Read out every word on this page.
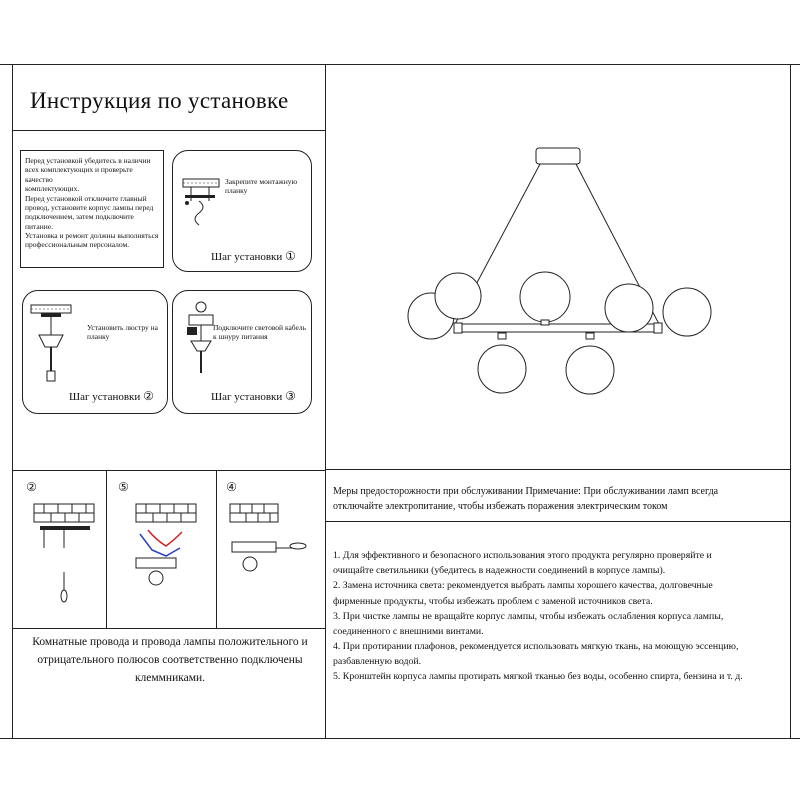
Инструкция по установке
Перед установкой убедитесь в наличии
всех комплектующих и проверьте качество
комплектующих.
Перед установкой отключите главный
провод, установите корпус лампы перед
подключением, затем подключите питание.
Установка и ремонт должны выполняться
профессиональным персоналом.
Закрепите монтажную
планку
Шаг установки ①
Установить люстру на
планку
Шаг установки ②
Подключите световой кабель
к шнуру питания
Шаг установки ③
②	⑤	④
Комнатные провода и провода лампы положительного и
отрицательного полюсов соответственно подключены
клеммниками.
Меры предосторожности при обслуживании Примечание: При обслуживании ламп всегда
отключайте электропитание, чтобы избежать поражения электрическим током
1. Для эффективного и безопасного использования этого продукта регулярно проверяйте и
очищайте светильники (убедитесь в надежности соединений в корпусе лампы).
2. Замена источника света: рекомендуется выбрать лампы хорошего качества, долговечные
фирменные продукты, чтобы избежать проблем с заменой источников света.
3. При чистке лампы не вращайте корпус лампы, чтобы избежать ослабления корпуса лампы,
соединенного с внешними винтами.
4. При протирании плафонов, рекомендуется использовать мягкую ткань, на моющую эссенцию,
разбавленную водой.
5. Кронштейн корпуса лампы протирать мягкой тканью без воды, особенно спирта, бензина и т. д.
